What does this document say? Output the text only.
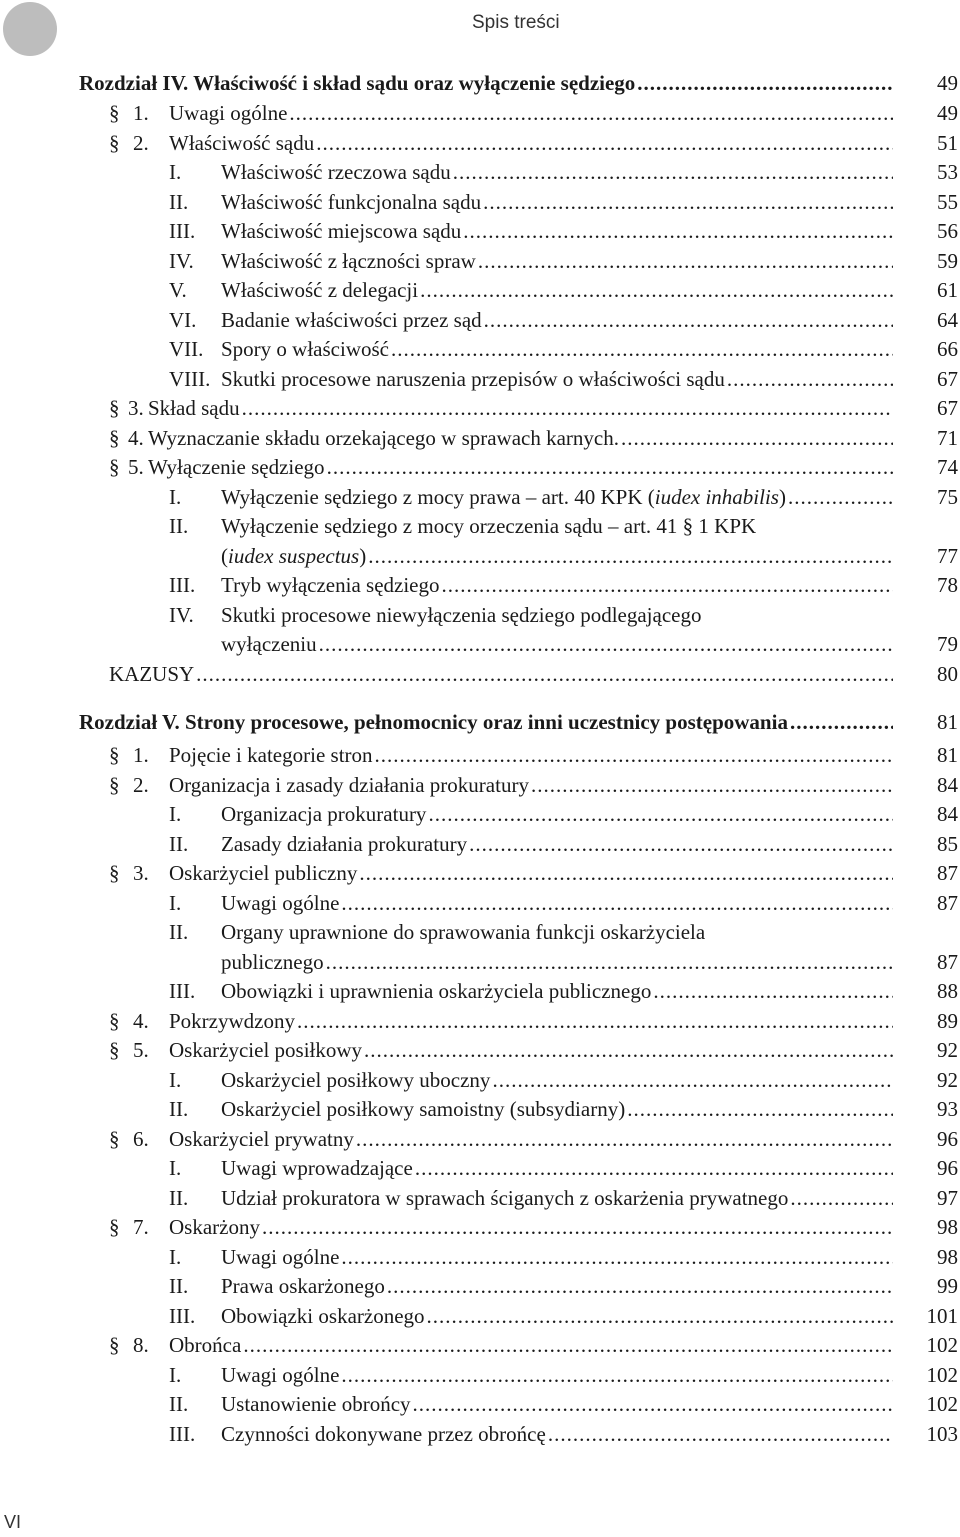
Spis treści
Rozdział IV. Właściwość i skład sądu oraz wyłączenie sędziego .....	49
§ 1. Uwagi ogólne .....	49
§ 2. Właściwość sądu .....	51
I. Właściwość rzeczowa sądu .....	53
II. Właściwość funkcjonalna sądu .....	55
III. Właściwość miejscowa sądu .....	56
IV. Właściwość z łączności spraw .....	59
V. Właściwość z delegacji .....	61
VI. Badanie właściwości przez sąd .....	64
VII. Spory o właściwość .....	66
VIII. Skutki procesowe naruszenia przepisów o właściwości sądu .....	67
§ 3. Skład sądu .....	67
§ 4. Wyznaczanie składu orzekającego w sprawach karnych. .....	71
§ 5. Wyłączenie sędziego .....	74
I. Wyłączenie sędziego z mocy prawa – art. 40 KPK (iudex inhabilis) .....	75
II. Wyłączenie sędziego z mocy orzeczenia sądu – art. 41 § 1 KPK
(iudex suspectus) .....	77
III. Tryb wyłączenia sędziego .....	78
IV. Skutki procesowe niewyłączenia sędziego podlegającego
wyłączeniu .....	79
KAZUSY .....	80
Rozdział V. Strony procesowe, pełnomocnicy oraz inni uczestnicy postępowania .....	81
§ 1. Pojęcie i kategorie stron .....	81
§ 2. Organizacja i zasady działania prokuratury .....	84
I. Organizacja prokuratury .....	84
II. Zasady działania prokuratury .....	85
§ 3. Oskarżyciel publiczny .....	87
I. Uwagi ogólne .....	87
II. Organy uprawnione do sprawowania funkcji oskarżyciela
publicznego .....	87
III. Obowiązki i uprawnienia oskarżyciela publicznego .....	88
§ 4. Pokrzywdzony .....	89
§ 5. Oskarżyciel posiłkowy .....	92
I. Oskarżyciel posiłkowy uboczny .....	92
II. Oskarżyciel posiłkowy samoistny (subsydiarny) .....	93
§ 6. Oskarżyciel prywatny .....	96
I. Uwagi wprowadzające .....	96
II. Udział prokuratora w sprawach ściganych z oskarżenia prywatnego .....	97
§ 7. Oskarżony .....	98
I. Uwagi ogólne .....	98
II. Prawa oskarżonego .....	99
III. Obowiązki oskarżonego .....	101
§ 8. Obrońca .....	102
I. Uwagi ogólne .....	102
II. Ustanowienie obrońcy .....	102
III. Czynności dokonywane przez obrońcę .....	103
VI
